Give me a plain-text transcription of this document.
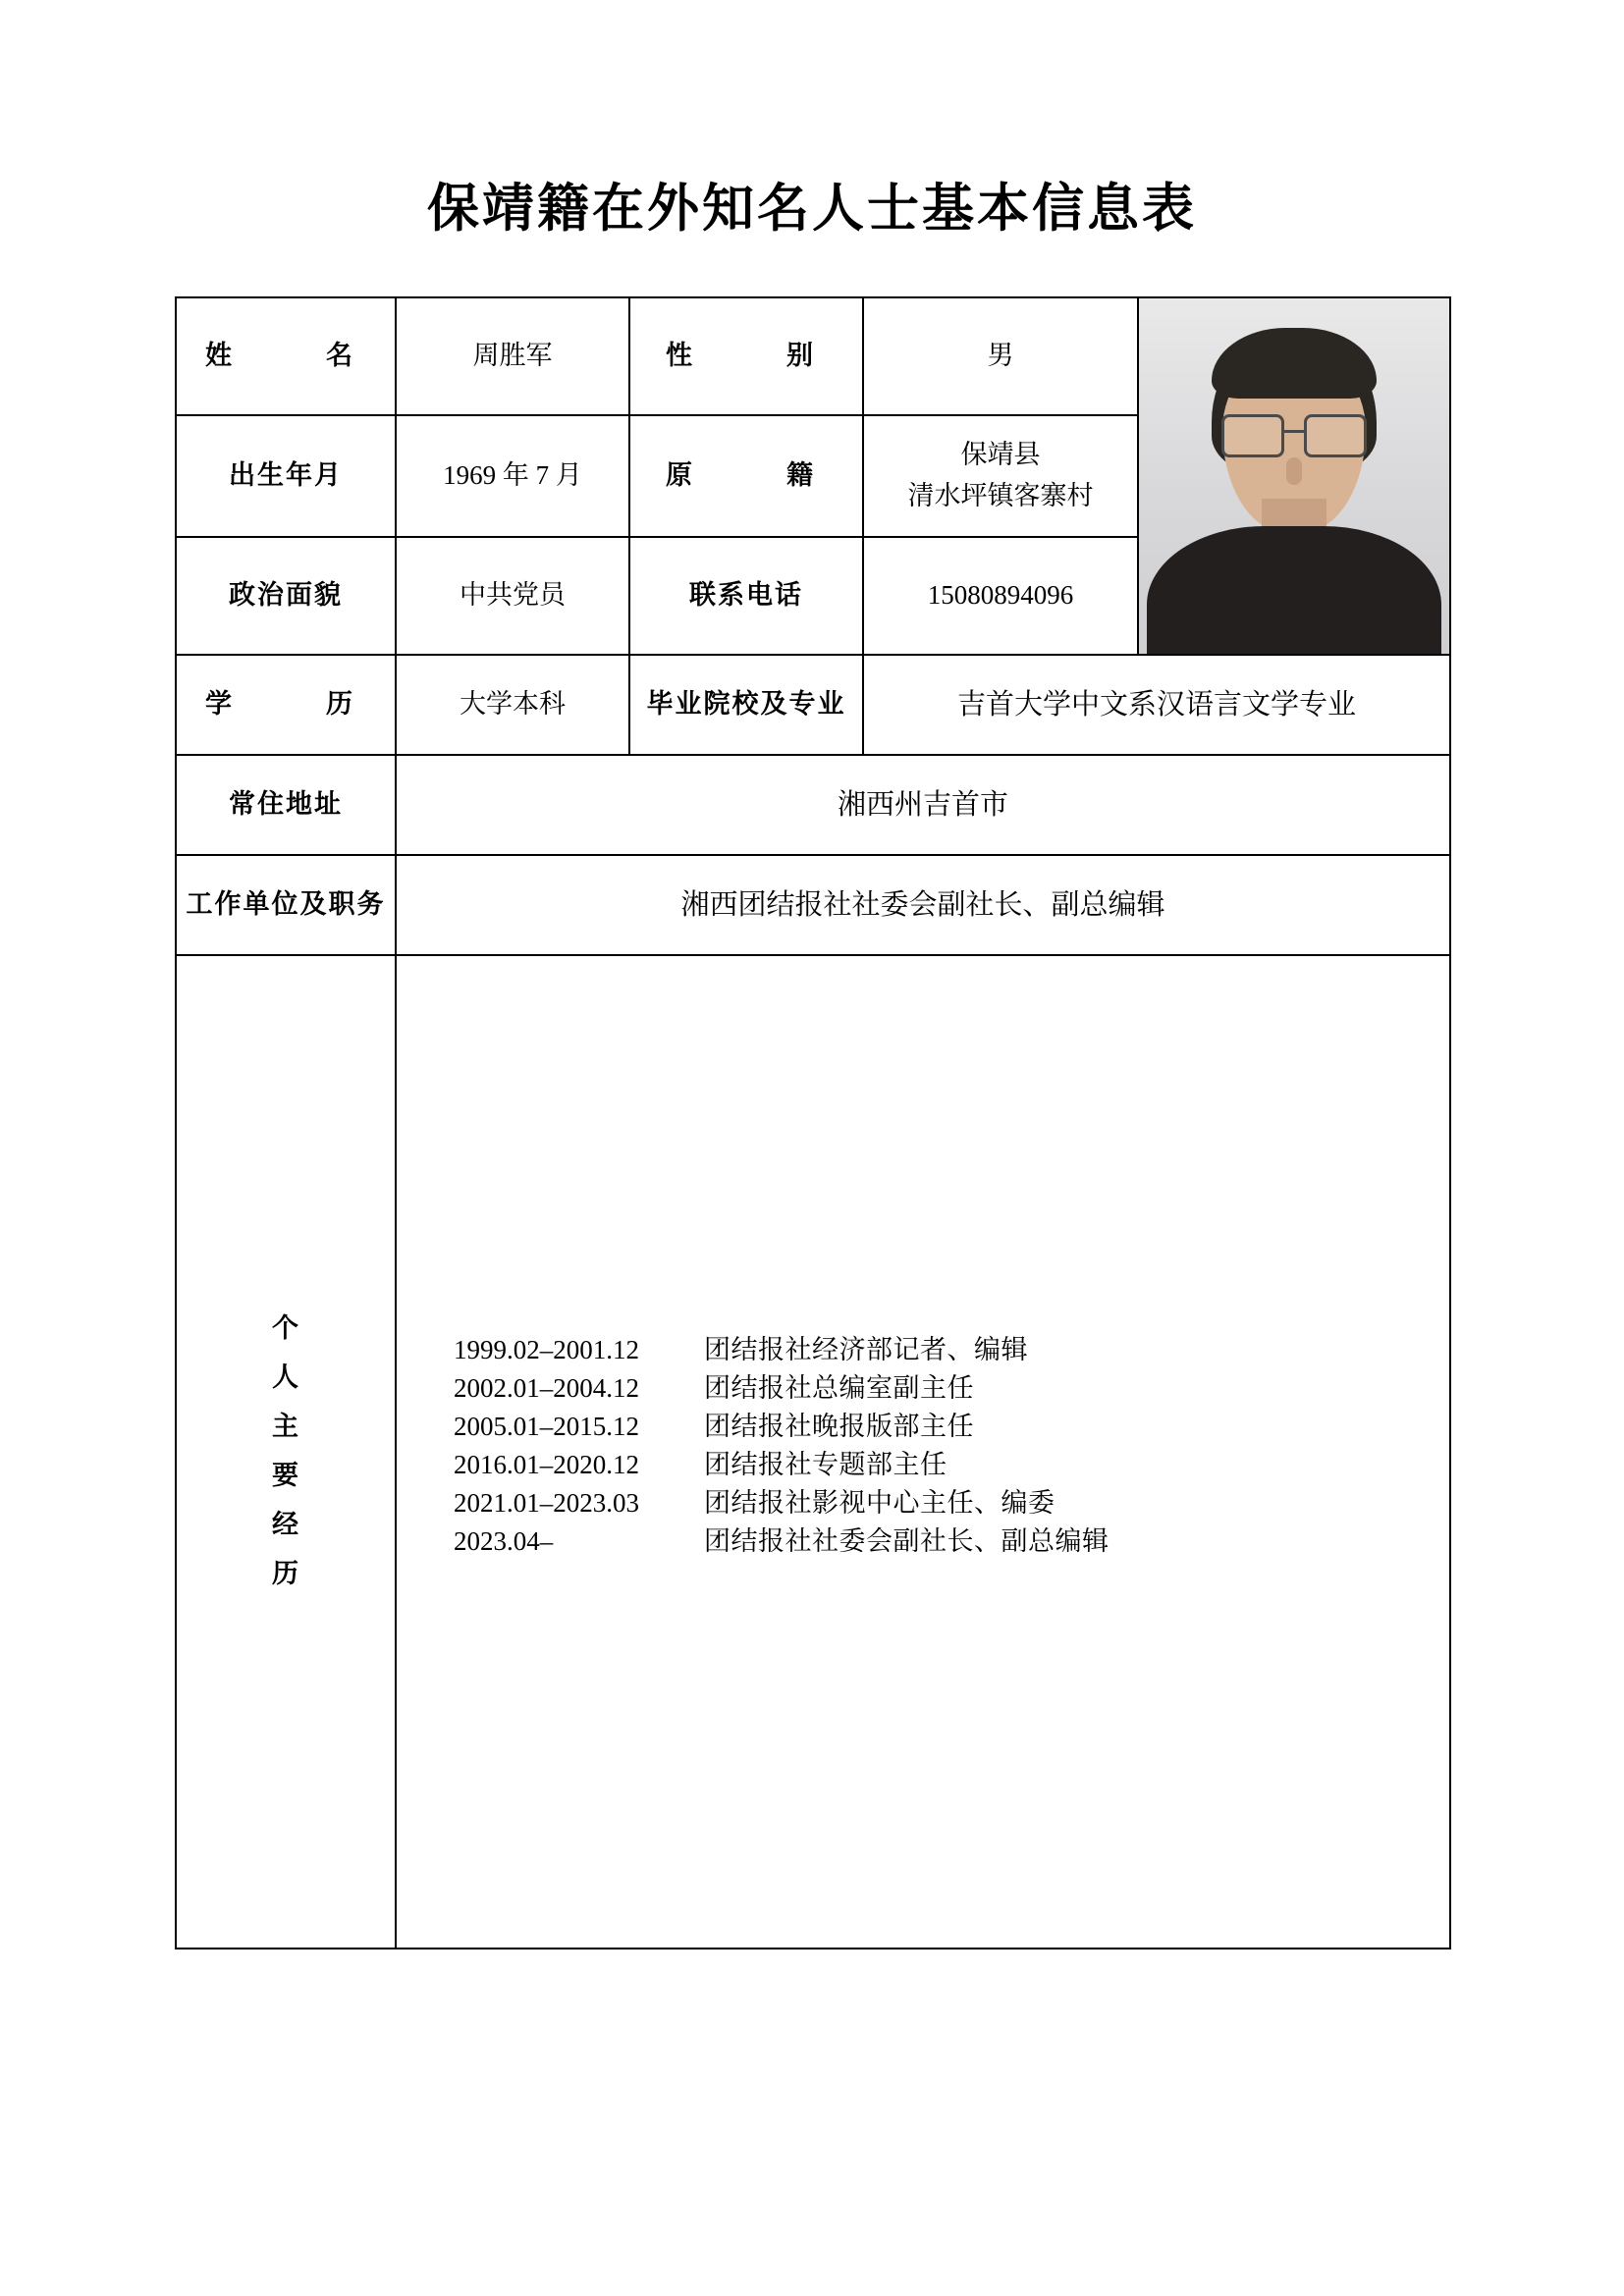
保靖籍在外知名人士基本信息表
姓　　名	周胜军	性　　别	男	

出生年月	1969 年 7 月	原　　籍	保靖县
清水坪镇客寨村	

政治面貌	中共党员	联系电话	15080894096	
学　　历	大学本科	毕业院校及专业	吉首大学中文系汉语言文学专业	
常住地址	湘西州吉首市			
工作单位及职务	湘西团结报社社委会副社长、副总编辑			

个
人
主
要
经
历

1999.02–2001.12	团结报社经济部记者、编辑
2002.01–2004.12	团结报社总编室副主任
2005.01–2015.12	团结报社晚报版部主任
2016.01–2020.12	团结报社专题部主任
2021.01–2023.03	团结报社影视中心主任、编委
2023.04–	团结报社社委会副社长、副总编辑
